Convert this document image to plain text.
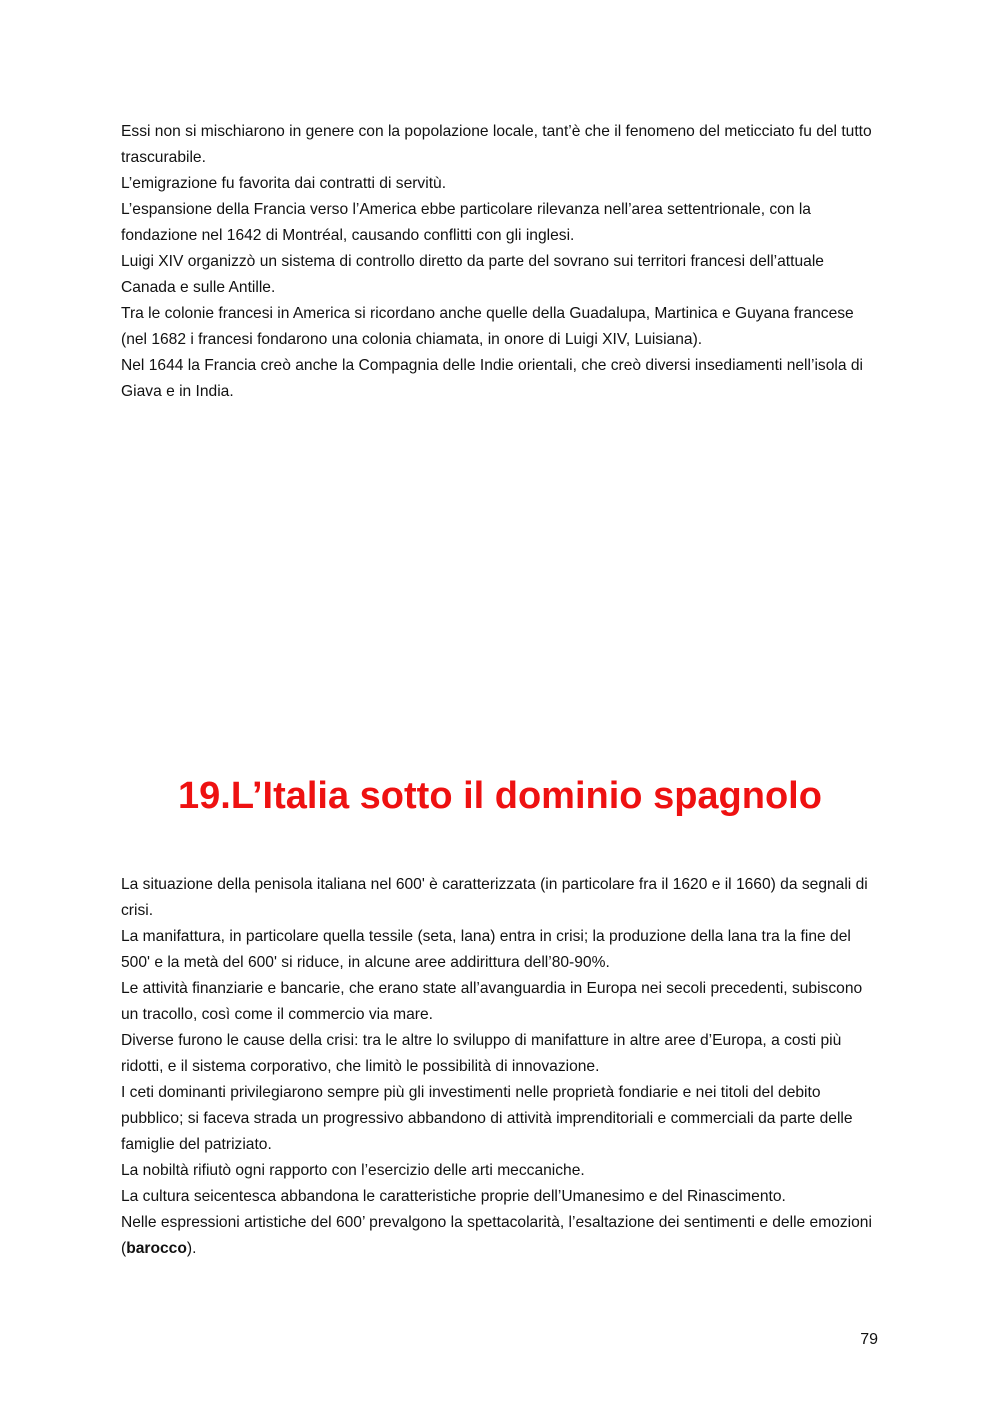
Essi non si mischiarono in genere con la popolazione locale, tant’è che il fenomeno del meticciato fu del tutto trascurabile.

L’emigrazione fu favorita dai contratti di servitù.

L’espansione della Francia verso l’America ebbe particolare rilevanza nell’area settentrionale, con la fondazione nel 1642 di Montréal, causando conflitti con gli inglesi.

Luigi XIV organizzò un sistema di controllo diretto da parte del sovrano sui territori francesi dell’attuale Canada e sulle Antille.

Tra le colonie francesi in America si ricordano anche quelle della Guadalupa, Martinica e Guyana francese (nel 1682 i francesi fondarono una colonia chiamata, in onore di Luigi XIV, Luisiana).

Nel 1644 la Francia creò anche la Compagnia delle Indie orientali, che creò diversi insediamenti nell’isola di Giava e in India.

19.L’Italia sotto il dominio spagnolo

La situazione della penisola italiana nel 600' è caratterizzata (in particolare fra il 1620 e il 1660) da segnali di crisi.

La manifattura, in particolare quella tessile (seta, lana) entra in crisi; la produzione della lana tra la fine del 500' e la metà del 600' si riduce, in alcune aree addirittura dell’80-90%.

Le attività finanziarie e bancarie, che erano state all’avanguardia in Europa nei secoli precedenti, subiscono un tracollo, così come il commercio via mare.

Diverse furono le cause della crisi: tra le altre lo sviluppo di manifatture in altre aree d’Europa, a costi più ridotti, e il sistema corporativo, che limitò le possibilità di innovazione.

I ceti dominanti privilegiarono sempre più gli investimenti nelle proprietà fondiarie e nei titoli del debito pubblico; si faceva strada un progressivo abbandono di attività imprenditoriali e commerciali da parte delle famiglie del patriziato.

La nobiltà rifiutò ogni rapporto con l’esercizio delle arti meccaniche.

La cultura seicentesca abbandona le caratteristiche proprie dell’Umanesimo e del Rinascimento.

Nelle espressioni artistiche del 600’ prevalgono la spettacolarità, l’esaltazione dei sentimenti e delle emozioni (barocco).

79
